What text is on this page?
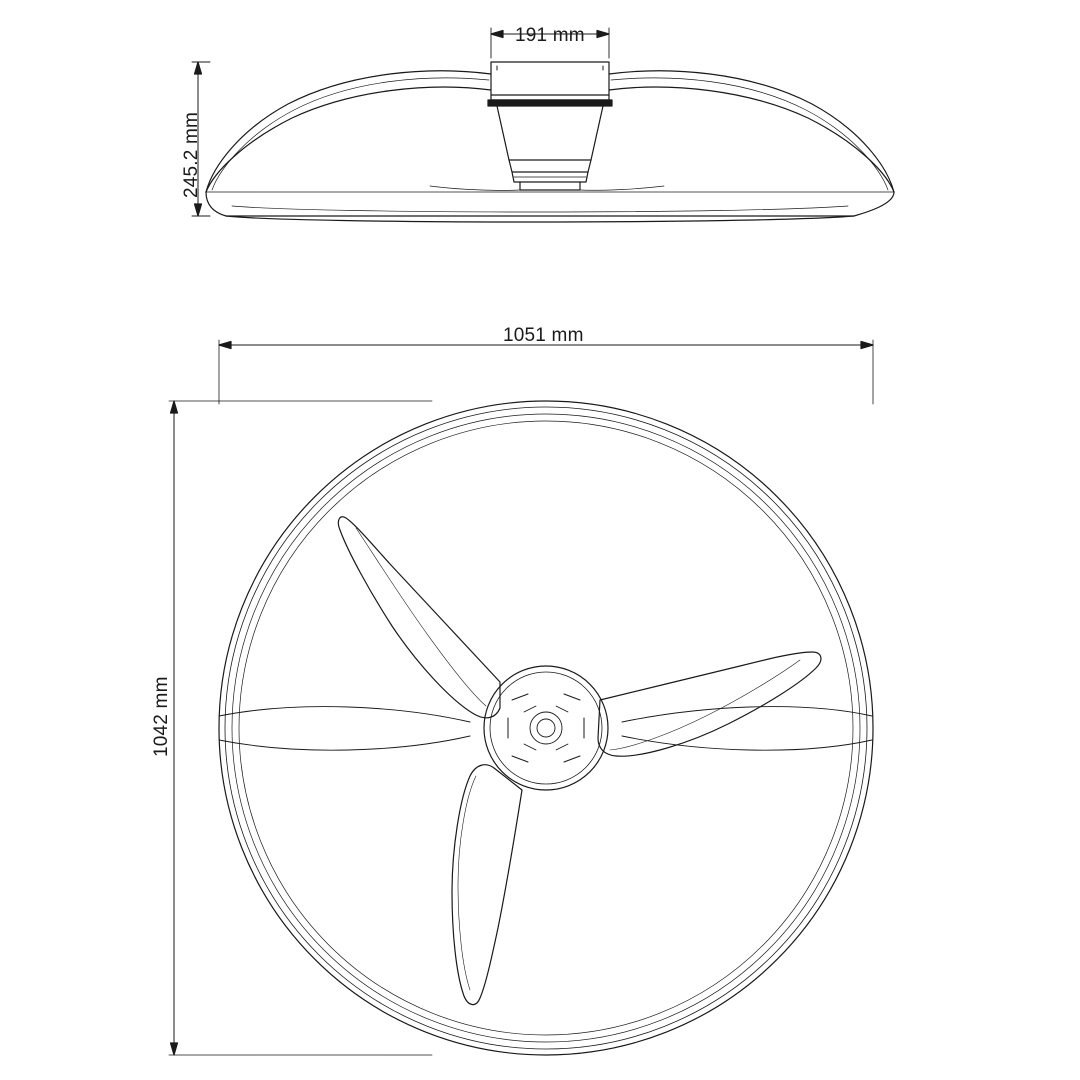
191 mm
245.2 mm
1051 mm
1042 mm
